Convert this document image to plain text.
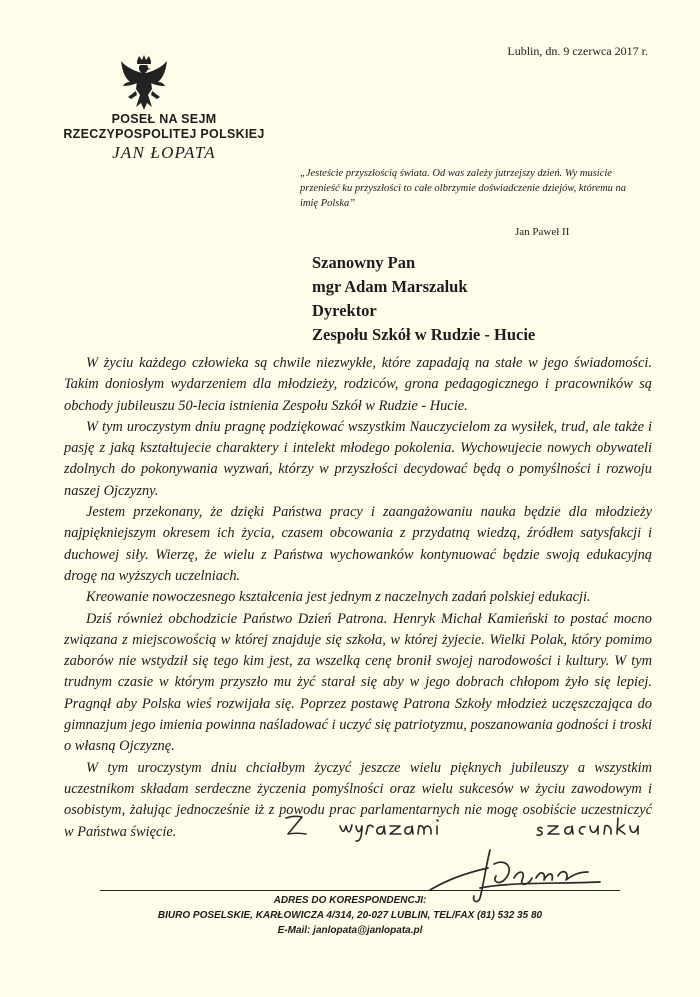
Lublin, dn. 9 czerwca 2017 r.
POSEŁ NA SEJM
RZECZYPOSPOLITEJ POLSKIEJ
JAN ŁOPATA
„Jesteście przyszłością świata. Od was zależy jutrzejszy dzień. Wy musicie przenieść ku przyszłości to całe olbrzymie doświadczenie dziejów, któremu na imię Polska”
Jan Paweł II
Szanowny Pan
mgr Adam Marszaluk
Dyrektor
Zespołu Szkół w Rudzie - Hucie

W życiu każdego człowieka są chwile niezwykłe, które zapadają na stałe w jego świadomości. Takim doniosłym wydarzeniem dla młodzieży, rodziców, grona pedagogicznego i pracowników są obchody jubileuszu 50-lecia istnienia Zespołu Szkół w Rudzie - Hucie.

W tym uroczystym dniu pragnę podziękować wszystkim Nauczycielom za wysiłek, trud, ale także i pasję z jaką kształtujecie charaktery i intelekt młodego pokolenia. Wychowujecie nowych obywateli zdolnych do pokonywania wyzwań, którzy w przyszłości decydować będą o pomyślności i rozwoju naszej Ojczyzny.

Jestem przekonany, że dzięki Państwa pracy i zaangażowaniu nauka będzie dla młodzieży najpiękniejszym okresem ich życia, czasem obcowania z przydatną wiedzą, źródłem satysfakcji i duchowej siły. Wierzę, że wielu z Państwa wychowanków kontynuować będzie swoją edukacyjną drogę na wyższych uczelniach.

Kreowanie nowoczesnego kształcenia jest jednym z naczelnych zadań polskiej edukacji.

Dziś również obchodzicie Państwo Dzień Patrona. Henryk Michał Kamieński to postać mocno związana z miejscowością w której znajduje się szkoła, w której żyjecie. Wielki Polak, który pomimo zaborów nie wstydził się tego kim jest, za wszelką cenę bronił swojej narodowości i kultury. W tym trudnym czasie w którym przyszło mu żyć starał się aby w jego dobrach chłopom żyło się lepiej. Pragnął aby Polska wieś rozwijała się. Poprzez postawę Patrona Szkoły młodzież uczęszczająca do gimnazjum jego imienia powinna naśladować i uczyć się patriotyzmu, poszanowania godności i troski o własną Ojczyznę.

W tym uroczystym dniu chciałbym życzyć jeszcze wielu pięknych jubileuszy a wszystkim uczestnikom składam serdeczne życzenia pomyślności oraz wielu sukcesów w życiu zawodowym i osobistym, żałując jednocześnie iż z powodu prac parlamentarnych nie mogę osobiście uczestniczyć w Państwa święcie.

ADRES DO KORESPONDENCJI:
BIURO POSELSKIE, KARŁOWICZA 4/314, 20-027 LUBLIN, TEL/FAX (81) 532 35 80
E-Mail: janlopata@janlopata.pl
